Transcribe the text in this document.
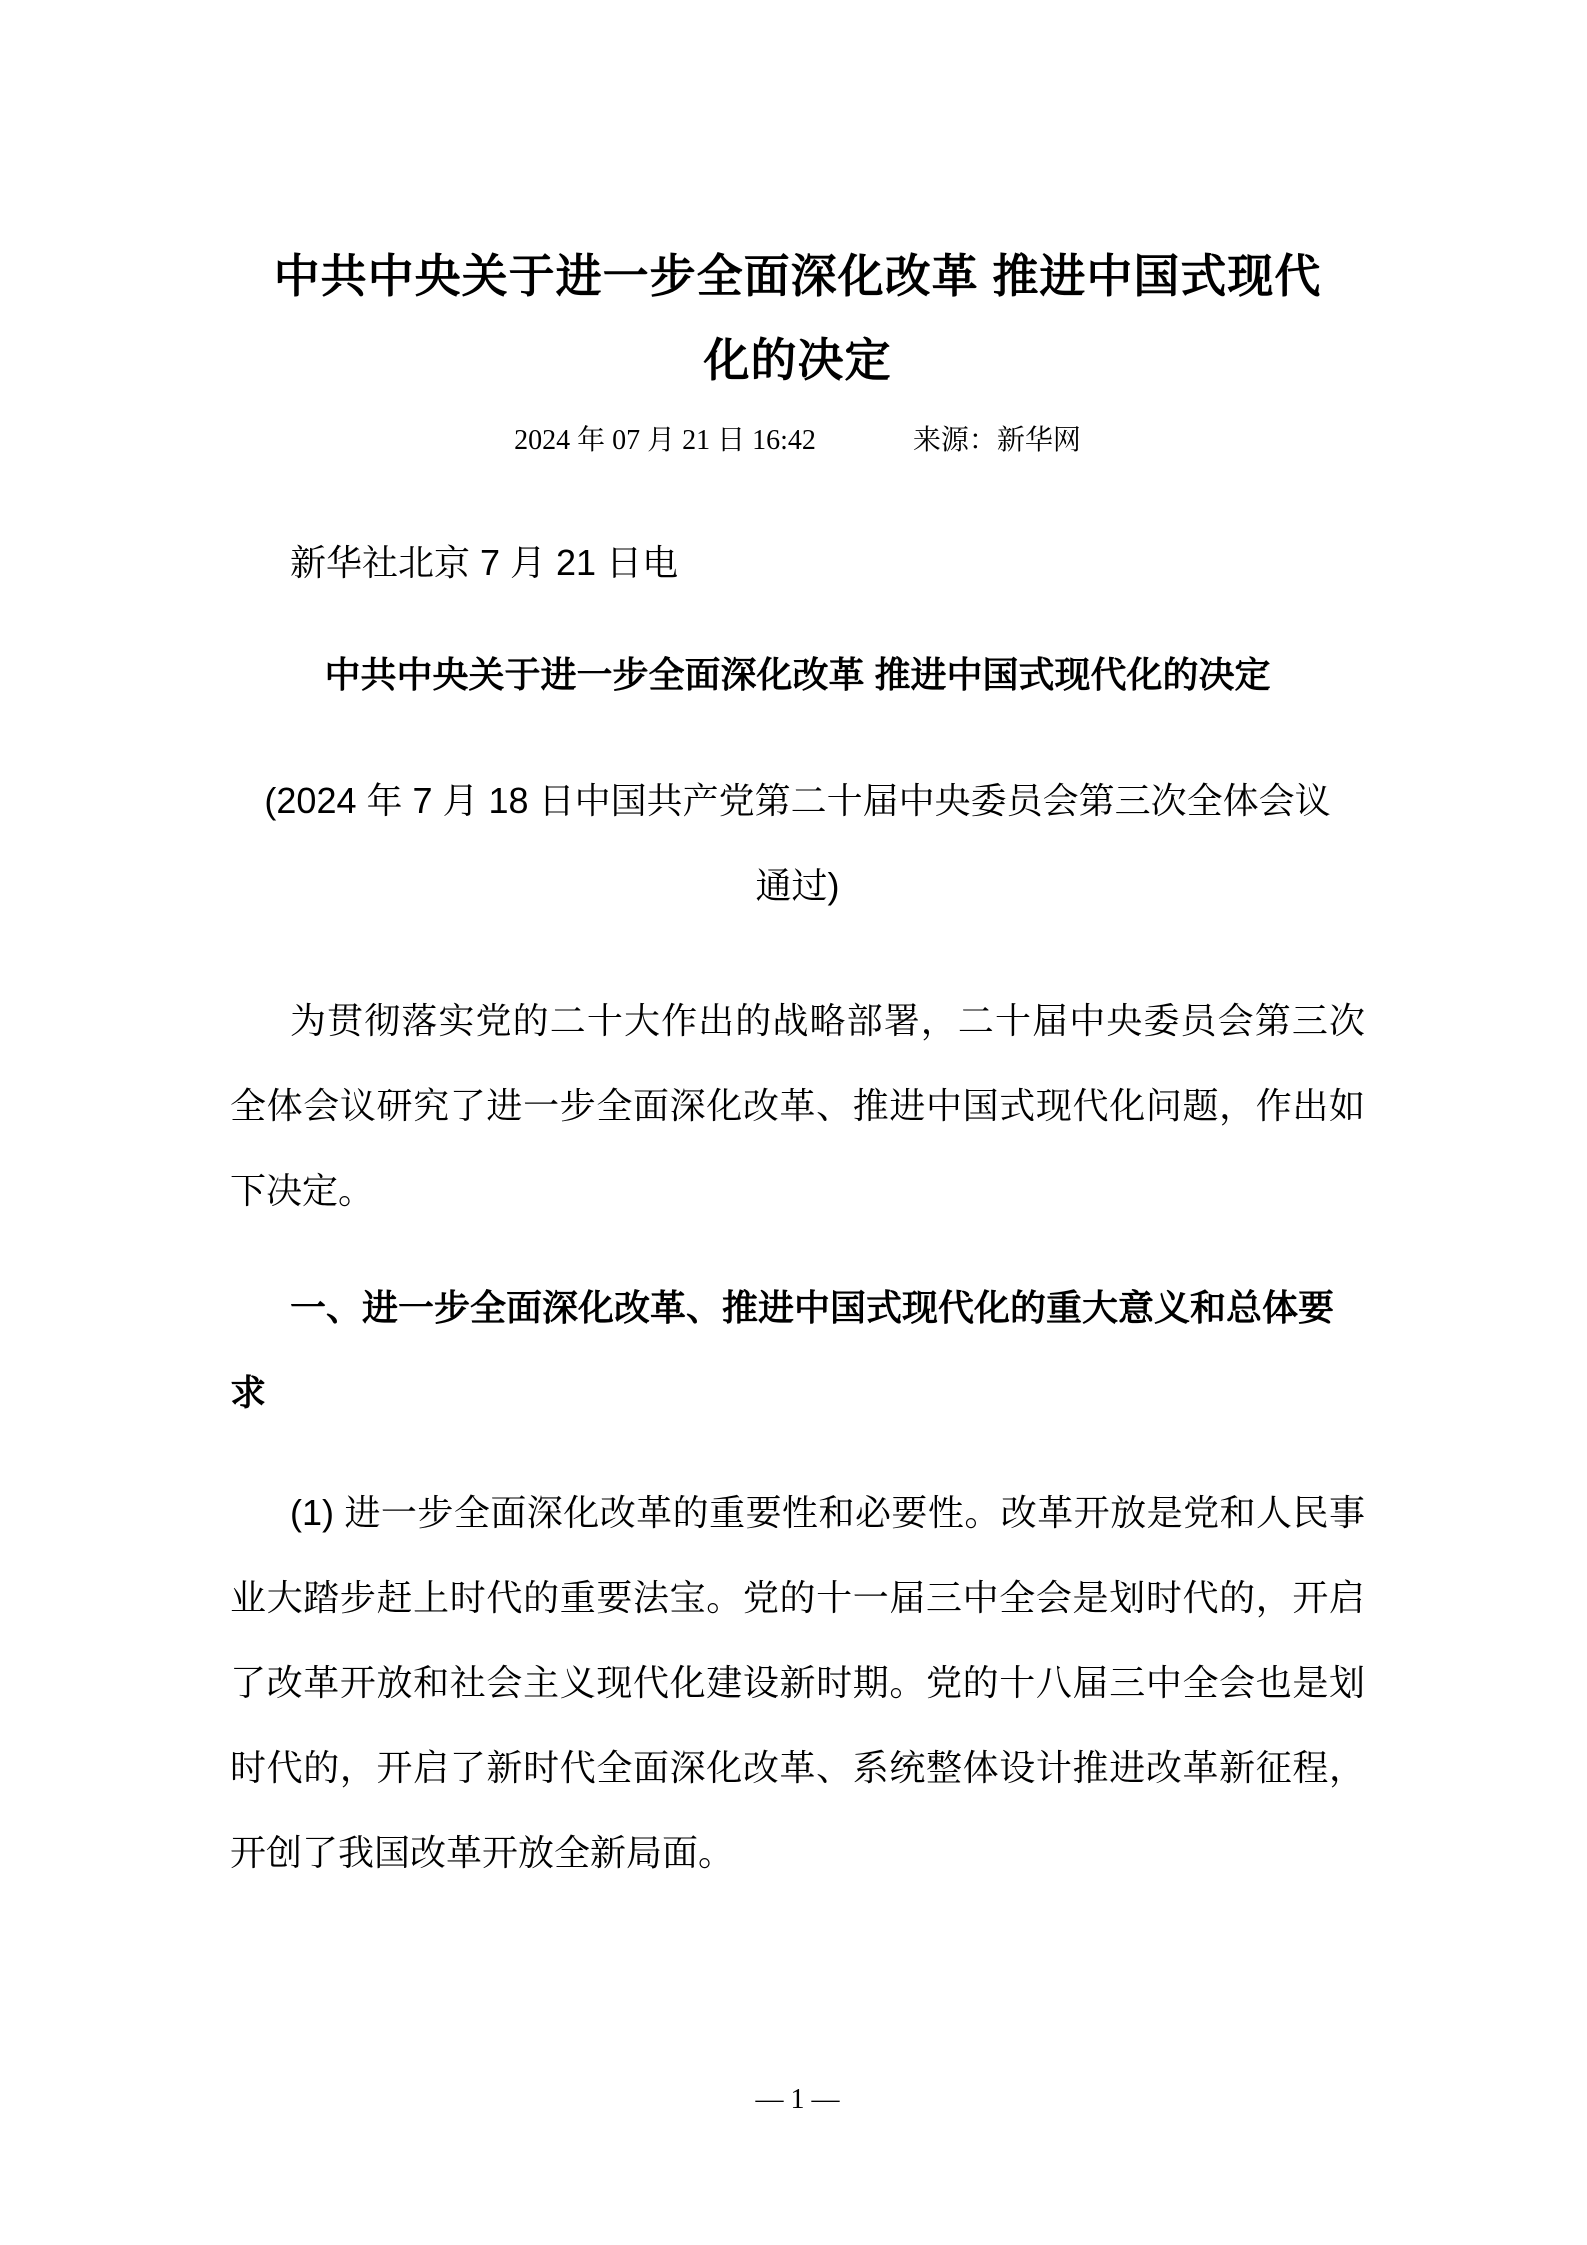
中共中央关于进一步全面深化改革 推进中国式现代
化的决定
2024 年 07 月 21 日 16:42	来源：新华网

新华社北京 7 月 21 日电

中共中央关于进一步全面深化改革 推进中国式现代化的决定
(2024 年 7 月 18 日中国共产党第二十届中央委员会第三次全体会议
通过)

为贯彻落实党的二十大作出的战略部署，二十届中央委员会第三次全体会议研究了进一步全面深化改革、推进中国式现代化问题，作出如下决定。

一、进一步全面深化改革、推进中国式现代化的重大意义和总体要求

(1) 进一步全面深化改革的重要性和必要性。改革开放是党和人民事业大踏步赶上时代的重要法宝。党的十一届三中全会是划时代的，开启了改革开放和社会主义现代化建设新时期。党的十八届三中全会也是划时代的，开启了新时代全面深化改革、系统整体设计推进改革新征程，开创了我国改革开放全新局面。

— 1 —
